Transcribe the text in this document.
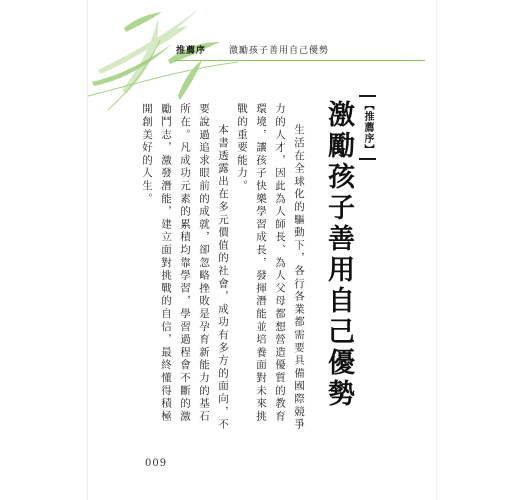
推薦序	激勵孩子善用自己優勢
【推薦序】
激勵孩子善用自己優勢

生活在全球化的驅動下，各行各業都需要具備國際競爭力的人才，因此為人師長、為人父母都想營造優質的教育環境，讓孩子快樂學習成長，發揮潛能並培養面對未來挑戰的重要能力。

本書透露出在多元價值的社會，成功有多方的面向，不要說過追求眼前的成就，卻忽略挫敗是孕育新能力的基石所在。凡成功元素的累積均靠學習，學習過程會不斷的激勵鬥志，激發潛能，建立面對挑戰的自信，最終懂得積極開創美好的人生。

009
